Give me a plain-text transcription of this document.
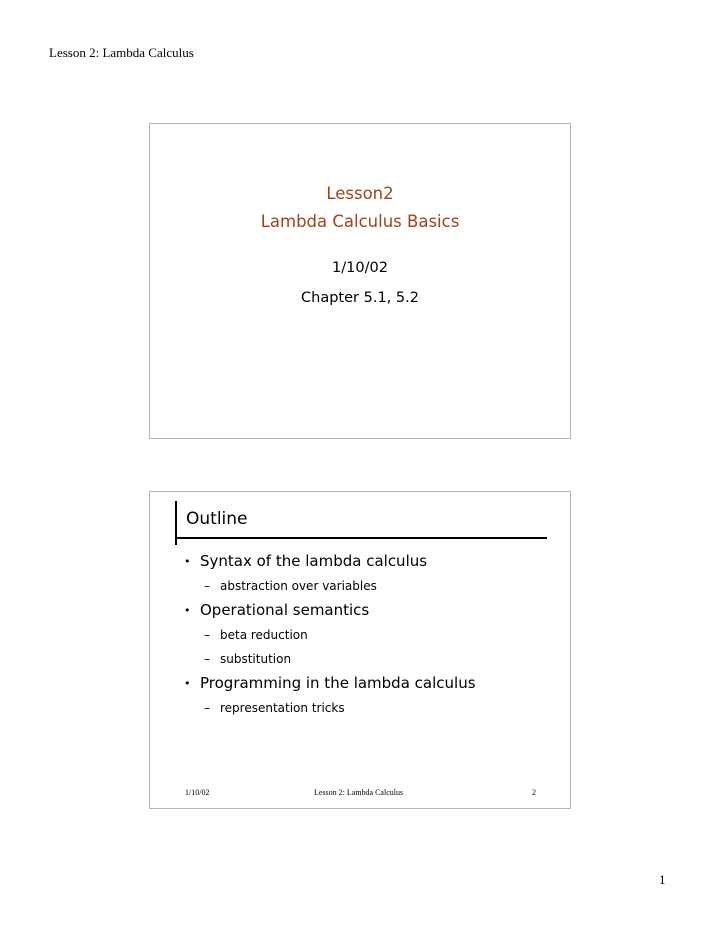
Lesson 2: Lambda Calculus
Lesson2
Lambda Calculus Basics
1/10/02
Chapter 5.1, 5.2
Outline
• Syntax of the lambda calculus
– abstraction over variables
• Operational semantics
– beta reduction
– substitution
• Programming in the lambda calculus
– representation tricks
1/10/02	Lesson 2: Lambda Calculus	2
1
